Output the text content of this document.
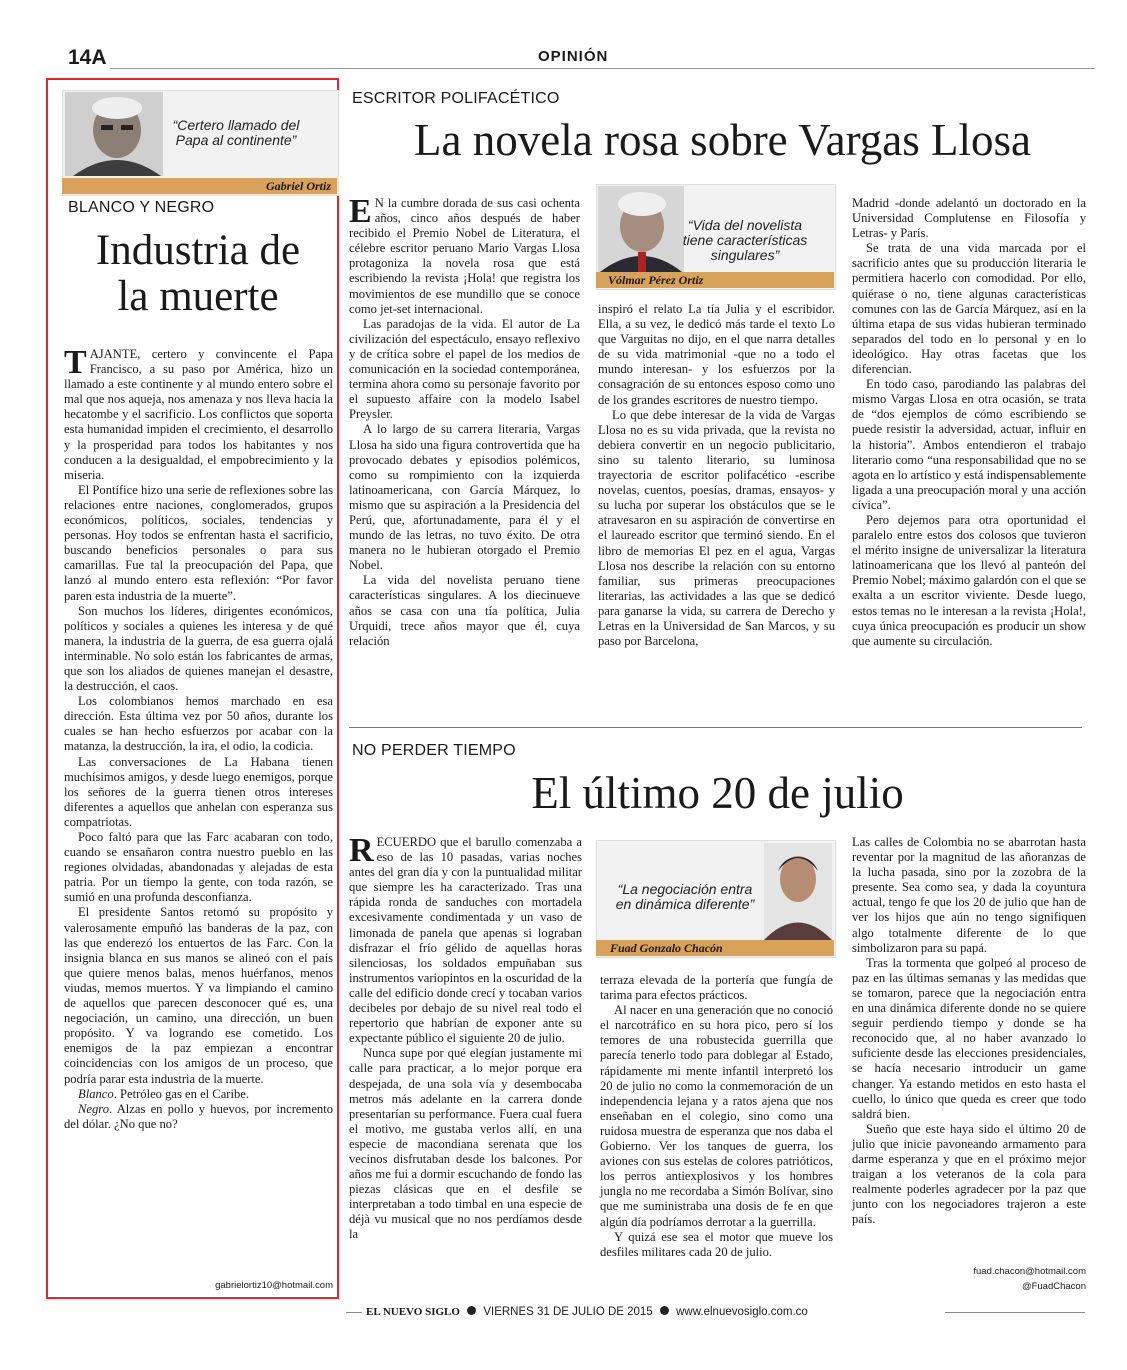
14A	OPINIÓN
“Certero llamado del Papa al continente”
Gabriel Ortiz
BLANCO Y NEGRO
Industria de
la muerte

TAJANTE, certero y convincente el Papa Francisco, a su paso por América, hizo un llamado a este continente y al mundo entero sobre el mal que nos aqueja, nos amenaza y nos lleva hacia la hecatombe y el sacrificio. Los conflictos que soporta esta humanidad impiden el crecimiento, el desarrollo y la prosperidad para todos los habitantes y nos conducen a la desigualdad, el empobrecimiento y la miseria.

El Pontífice hizo una serie de reflexiones sobre las relaciones entre naciones, conglomerados, grupos económicos, políticos, sociales, tendencias y personas. Hoy todos se enfrentan hasta el sacrificio, buscando beneficios personales o para sus camarillas. Fue tal la preocupación del Papa, que lanzó al mundo entero esta reflexión: “Por favor paren esta industria de la muerte”.

Son muchos los líderes, dirigentes económicos, políticos y sociales a quienes les interesa y de qué manera, la industria de la guerra, de esa guerra ojalá interminable. No solo están los fabricantes de armas, que son los aliados de quienes manejan el desastre, la destrucción, el caos.

Los colombianos hemos marchado en esa dirección. Esta última vez por 50 años, durante los cuales se han hecho esfuerzos por acabar con la matanza, la destrucción, la ira, el odio, la codicia.

Las conversaciones de La Habana tienen muchísimos amigos, y desde luego enemigos, porque los señores de la guerra tienen otros intereses diferentes a aquellos que anhelan con esperanza sus compatriotas.

Poco faltó para que las Farc acabaran con todo, cuando se ensañaron contra nuestro pueblo en las regiones olvidadas, abandonadas y alejadas de esta patria. Por un tiempo la gente, con toda razón, se sumió en una profunda desconfianza.

El presidente Santos retomó su propósito y valerosamente empuñó las banderas de la paz, con las que enderezó los entuertos de las Farc. Con la insignia blanca en sus manos se alineó con el país que quiere menos balas, menos huérfanos, menos viudas, memos muertos. Y va limpiando el camino de aquellos que parecen desconocer qué es, una negociación, un camino, una dirección, un buen propósito. Y va logrando ese cometido. Los enemigos de la paz empiezan a encontrar coincidencias con los amigos de un proceso, que podría parar esta industria de la muerte.

Blanco. Petróleo gas en el Caribe.

Negro. Alzas en pollo y huevos, por incremento del dólar. ¿No que no?

gabrielortiz10@hotmail.com
ESCRITOR POLIFACÉTICO
La novela rosa sobre Vargas Llosa

E N la cumbre dorada de sus casi ochenta años, cinco años después de haber recibido el Premio Nobel de Literatura, el célebre escritor peruano Mario Vargas Llosa protagoniza la novela rosa que está escribiendo la revista ¡Hola! que registra los movimientos de ese mundillo que se conoce como jet-set internacional.

Las paradojas de la vida. El autor de La civilización del espectáculo, ensayo reflexivo y de crítica sobre el papel de los medios de comunicación en la sociedad contemporánea, termina ahora como su personaje favorito por el supuesto affaire con la modelo Isabel Preysler.

A lo largo de su carrera literaria, Vargas Llosa ha sido una figura controvertida que ha provocado debates y episodios polémicos, como su rompimiento con la izquierda latinoamericana, con García Márquez, lo mismo que su aspiración a la Presidencia del Perú, que, afortunadamente, para él y el mundo de las letras, no tuvo éxito. De otra manera no le hubieran otorgado el Premio Nobel.

La vida del novelista peruano tiene características singulares. A los diecinueve años se casa con una tía política, Julia Urquidi, trece años mayor que él, cuya relación

“Vida del novelista tiene características singulares”
Vólmar Pérez Ortiz

inspiró el relato La tía Julia y el escribidor. Ella, a su vez, le dedicó más tarde el texto Lo que Varguitas no dijo, en el que narra detalles de su vida matrimonial -que no a todo el mundo interesan- y los esfuerzos por la consagración de su entonces esposo como uno de los grandes escritores de nuestro tiempo.

Lo que debe interesar de la vida de Vargas Llosa no es su vida privada, que la revista no debiera convertir en un negocio publicitario, sino su talento literario, su luminosa trayectoria de escritor polifacético -escribe novelas, cuentos, poesías, dramas, ensayos- y su lucha por superar los obstáculos que se le atravesaron en su aspiración de convertirse en el laureado escritor que terminó siendo. En el libro de memorias El pez en el agua, Vargas Llosa nos describe la relación con su entorno familiar, sus primeras preocupaciones literarias, las actividades a las que se dedicó para ganarse la vida, su carrera de Derecho y Letras en la Universidad de San Marcos, y su paso por Barcelona,

Madrid -donde adelantó un doctorado en la Universidad Complutense en Filosofía y Letras- y París.

Se trata de una vida marcada por el sacrificio antes que su producción literaria le permitiera hacerlo con comodidad. Por ello, quiérase o no, tiene algunas características comunes con las de García Márquez, así en la última etapa de sus vidas hubieran terminado separados del todo en lo personal y en lo ideológico. Hay otras facetas que los diferencian.

En todo caso, parodiando las palabras del mismo Vargas Llosa en otra ocasión, se trata de “dos ejemplos de cómo escribiendo se puede resistir la adversidad, actuar, influir en la historia”. Ambos entendieron el trabajo literario como “una responsabilidad que no se agota en lo artístico y está indispensablemente ligada a una preocupación moral y una acción cívica”.

Pero dejemos para otra oportunidad el paralelo entre estos dos colosos que tuvieron el mérito insigne de universalizar la literatura latinoamericana que los llevó al panteón del Premio Nobel; máximo galardón con el que se exalta a un escritor viviente. Desde luego, estos temas no le interesan a la revista ¡Hola!, cuya única preocupación es producir un show que aumente su circulación.

NO PERDER TIEMPO
El último 20 de julio

RECUERDO que el barullo comenzaba a eso de las 10 pasadas, varias noches antes del gran día y con la puntualidad militar que siempre les ha caracterizado. Tras una rápida ronda de sanduches con mortadela excesivamente condimentada y un vaso de limonada de panela que apenas si lograban disfrazar el frío gélido de aquellas horas silenciosas, los soldados empuñaban sus instrumentos variopintos en la oscuridad de la calle del edificio donde crecí y tocaban varios decibeles por debajo de su nivel real todo el repertorio que habrían de exponer ante su expectante público el siguiente 20 de julio.

Nunca supe por qué elegían justamente mi calle para practicar, a lo mejor porque era despejada, de una sola vía y desembocaba metros más adelante en la carrera donde presentarían su performance. Fuera cual fuera el motivo, me gustaba verlos allí, en una especie de macondiana serenata que los vecinos disfrutaban desde los balcones. Por años me fui a dormir escuchando de fondo las piezas clásicas que en el desfile se interpretaban a todo timbal en una especie de déjà vu musical que no nos perdíamos desde la

“La negociación entra en dinámica diferente”
Fuad Gonzalo Chacón

terraza elevada de la portería que fungía de tarima para efectos prácticos.

Al nacer en una generación que no conoció el narcotráfico en su hora pico, pero sí los temores de una robustecida guerrilla que parecía tenerlo todo para doblegar al Estado, rápidamente mi mente infantil interpretó los 20 de julio no como la conmemoración de un independencia lejana y a ratos ajena que nos enseñaban en el colegio, sino como una ruidosa muestra de esperanza que nos daba el Gobierno. Ver los tanques de guerra, los aviones con sus estelas de colores patrióticos, los perros antiexplosivos y los hombres jungla no me recordaba a Simón Bolívar, sino que me suministraba una dosis de fe en que algún día podríamos derrotar a la guerrilla.

Y quizá ese sea el motor que mueve los desfiles militares cada 20 de julio.

Las calles de Colombia no se abarrotan hasta reventar por la magnitud de las añoranzas de la lucha pasada, sino por la zozobra de la presente. Sea como sea, y dada la coyuntura actual, tengo fe que los 20 de julio que han de ver los hijos que aún no tengo signifiquen algo totalmente diferente de lo que simbolizaron para su papá.

Tras la tormenta que golpeó al proceso de paz en las últimas semanas y las medidas que se tomaron, parece que la negociación entra en una dinámica diferente donde no se quiere seguir perdiendo tiempo y donde se ha reconocido que, al no haber avanzado lo suficiente desde las elecciones presidenciales, se hacía necesario introducir un game changer. Ya estando metidos en esto hasta el cuello, lo único que queda es creer que todo saldrá bien.

Sueño que este haya sido el último 20 de julio que inicie pavoneando armamento para darme esperanza y que en el próximo mejor traigan a los veteranos de la cola para realmente poderles agradecer por la paz que junto con los negociadores trajeron a este país.

fuad.chacon@hotmail.com
@FuadChacon
EL NUEVO SIGLO VIERNES 31 DE JULIO DE 2015 www.elnuevosiglo.com.co
